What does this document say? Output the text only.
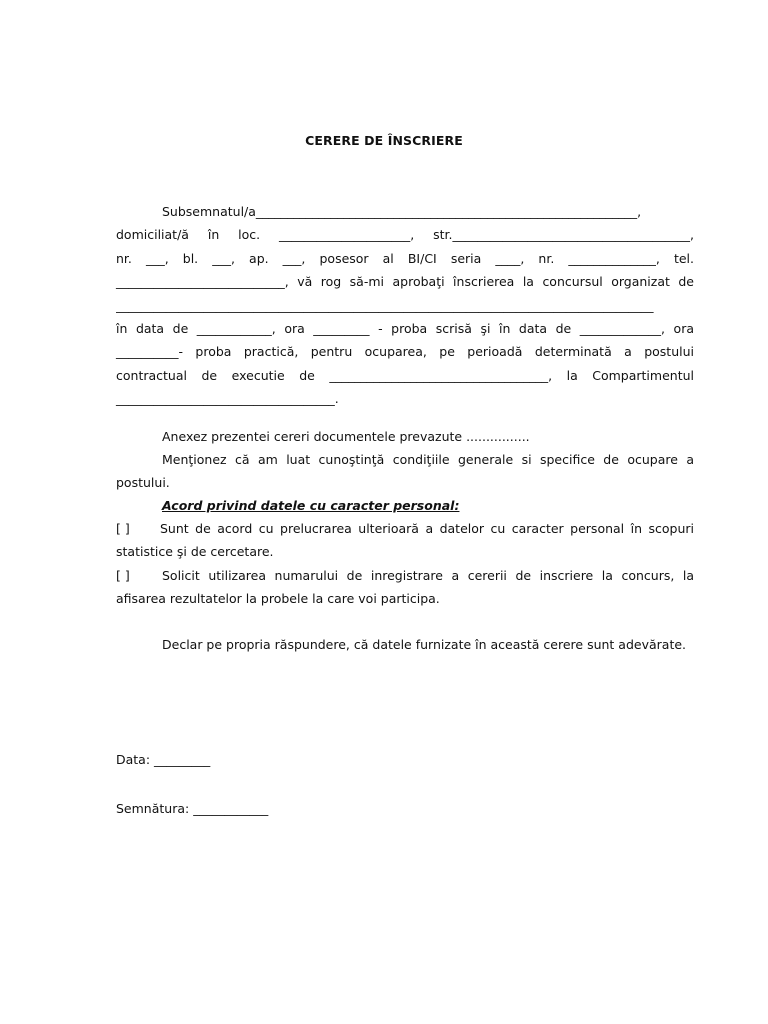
CERERE DE ÎNSCRIERE
Subsemnatul/a_____________________________________________________________,
domiciliat/ă în loc. _____________________, str.______________________________________,
nr. ___, bl. ___, ap. ___, posesor al BI/CI seria ____, nr. ______________, tel.
___________________________, vă rog să-mi aprobaţi înscrierea la concursul organizat de
______________________________________________________________________________________
în data de ____________, ora _________ - proba scrisă şi în data de _____________, ora
__________- proba practică, pentru ocuparea, pe perioadă determinată a postului
contractual de executie de ___________________________________, la Compartimentul
___________________________________.
Anexez prezentei cereri documentele prevazute ................
Menţionez că am luat cunoştinţă condiţiile generale si specifice de ocupare a postului.
Acord privind datele cu caracter personal:
[ ] Sunt de acord cu prelucrarea ulterioară a datelor cu caracter personal în scopuri statistice şi de cercetare.
[ ]	Solicit utilizarea numarului de inregistrare a cererii de inscriere la concurs, la afisarea rezultatelor la probele la care voi participa.
Declar pe propria răspundere, că datele furnizate în această cerere sunt adevărate.
Data: _________
Semnătura: ____________
